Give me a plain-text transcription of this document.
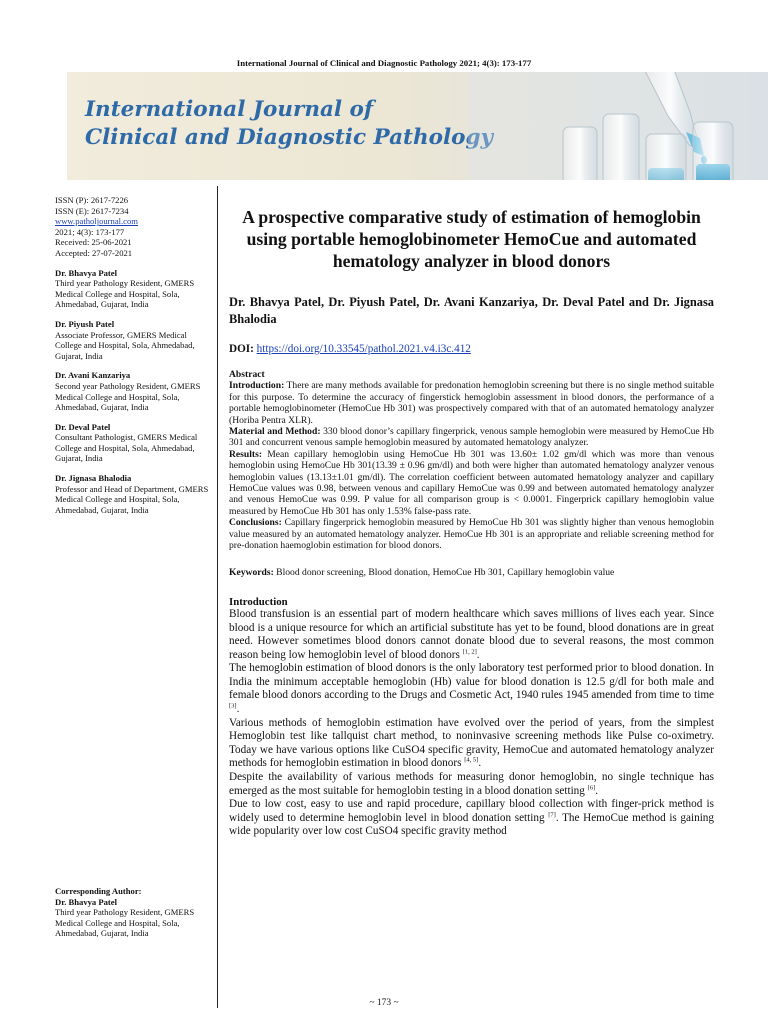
International Journal of Clinical and Diagnostic Pathology 2021; 4(3): 173-177
International Journal of
Clinical and Diagnostic Pathology
ISSN (P): 2617-7226
ISSN (E): 2617-7234
www.patholjournal.com
2021; 4(3): 173-177
Received: 25-06-2021
Accepted: 27-07-2021
Dr. Bhavya Patel
Third year Pathology Resident, GMERS Medical College and Hospital, Sola, Ahmedabad, Gujarat, India
Dr. Piyush Patel
Associate Professor, GMERS Medical College and Hospital, Sola, Ahmedabad, Gujarat, India
Dr. Avani Kanzariya
Second year Pathology Resident, GMERS Medical College and Hospital, Sola, Ahmedabad, Gujarat, India
Dr. Deval Patel
Consultant Pathologist, GMERS Medical College and Hospital, Sola, Ahmedabad, Gujarat, India
Dr. Jignasa Bhalodia
Professor and Head of Department, GMERS Medical College and Hospital, Sola, Ahmedabad, Gujarat, India
Corresponding Author:
Dr. Bhavya Patel
Third year Pathology Resident, GMERS Medical College and Hospital, Sola, Ahmedabad, Gujarat, India
A prospective comparative study of estimation of hemoglobin using portable hemoglobinometer HemoCue and automated hematology analyzer in blood donors
Dr. Bhavya Patel, Dr. Piyush Patel, Dr. Avani Kanzariya, Dr. Deval Patel and Dr. Jignasa Bhalodia
DOI: https://doi.org/10.33545/pathol.2021.v4.i3c.412
Abstract
Introduction: There are many methods available for predonation hemoglobin screening but there is no single method suitable for this purpose. To determine the accuracy of fingerstick hemoglobin assessment in blood donors, the performance of a portable hemoglobinometer (HemoCue Hb 301) was prospectively compared with that of an automated hematology analyzer (Horiba Pentra XLR).
Material and Method: 330 blood donor’s capillary fingerprick, venous sample hemoglobin were measured by HemoCue Hb 301 and concurrent venous sample hemoglobin measured by automated hematology analyzer.
Results: Mean capillary hemoglobin using HemoCue Hb 301 was 13.60± 1.02 gm/dl which was more than venous hemoglobin using HemoCue Hb 301(13.39 ± 0.96 gm/dl) and both were higher than automated hematology analyzer venous hemoglobin values (13.13±1.01 gm/dl). The correlation coefficient between automated hematology analyzer and capillary HemoCue values was 0.98, between venous and capillary HemoCue was 0.99 and between automated hematology analyzer and venous HemoCue was 0.99. P value for all comparison group is < 0.0001. Fingerprick capillary hemoglobin value measured by HemoCue Hb 301 has only 1.53% false-pass rate.
Conclusions: Capillary fingerprick hemoglobin measured by HemoCue Hb 301 was slightly higher than venous hemoglobin value measured by an automated hematology analyzer. HemoCue Hb 301 is an appropriate and reliable screening method for pre-donation haemoglobin estimation for blood donors.
Keywords: Blood donor screening, Blood donation, HemoCue Hb 301, Capillary hemoglobin value
Introduction

Blood transfusion is an essential part of modern healthcare which saves millions of lives each year. Since blood is a unique resource for which an artificial substitute has yet to be found, blood donations are in great need. However sometimes blood donors cannot donate blood due to several reasons, the most common reason being low hemoglobin level of blood donors [1, 2].

The hemoglobin estimation of blood donors is the only laboratory test performed prior to blood donation. In India the minimum acceptable hemoglobin (Hb) value for blood donation is 12.5 g/dl for both male and female blood donors according to the Drugs and Cosmetic Act, 1940 rules 1945 amended from time to time [3].

Various methods of hemoglobin estimation have evolved over the period of years, from the simplest Hemoglobin test like tallquist chart method, to noninvasive screening methods like Pulse co-oximetry. Today we have various options like CuSO4 specific gravity, HemoCue and automated hematology analyzer methods for hemoglobin estimation in blood donors [4, 5].

Despite the availability of various methods for measuring donor hemoglobin, no single technique has emerged as the most suitable for hemoglobin testing in a blood donation setting [6].

Due to low cost, easy to use and rapid procedure, capillary blood collection with finger-prick method is widely used to determine hemoglobin level in blood donation setting [7]. The HemoCue method is gaining wide popularity over low cost CuSO4 specific gravity method

~ 173 ~
